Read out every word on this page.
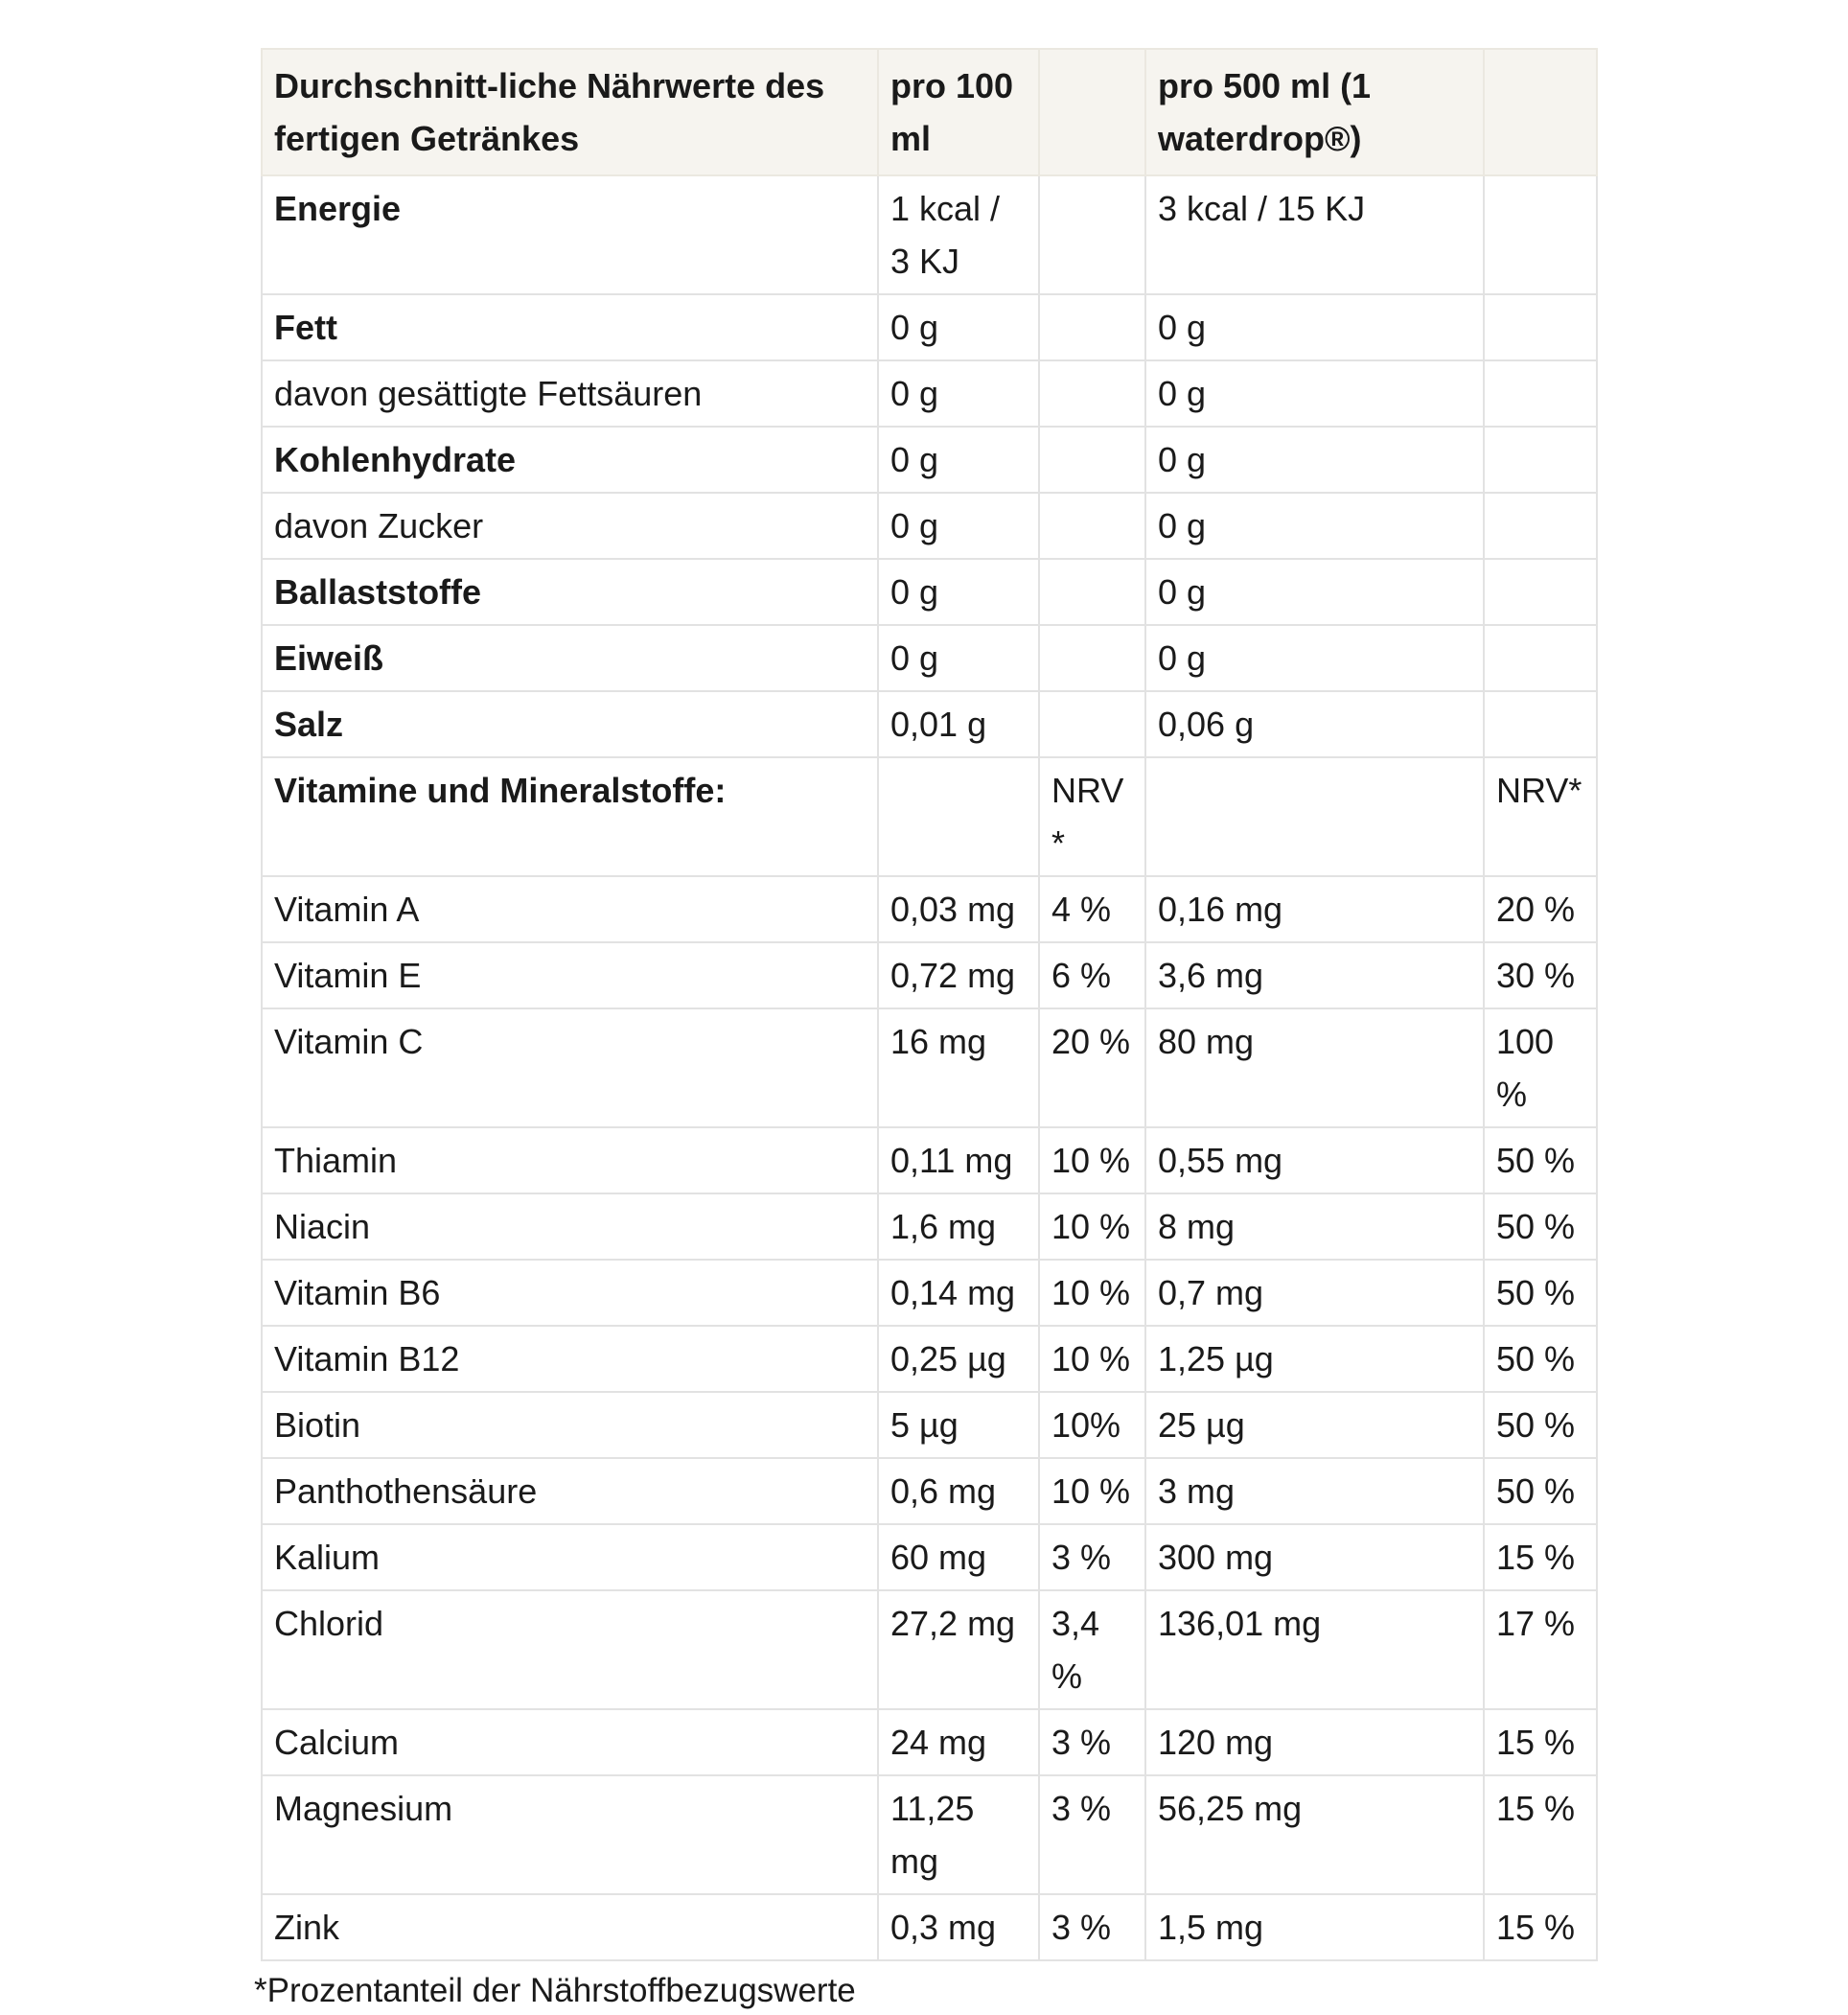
Durchschnitt-liche Nährwerte des fertigen Getränkes	pro 100 ml		pro 500 ml (1 waterdrop®)	
Energie	1 kcal / 3 KJ		3 kcal / 15 KJ	
Fett	0 g		0 g	
davon gesättigte Fettsäuren	0 g		0 g	
Kohlenhydrate	0 g		0 g	
davon Zucker	0 g		0 g	
Ballaststoffe	0 g		0 g	
Eiweiß	0 g		0 g	
Salz	0,01 g		0,06 g	
Vitamine und Mineralstoffe:		NRV*		NRV*
Vitamin A	0,03 mg	4 %	0,16 mg	20 %
Vitamin E	0,72 mg	6 %	3,6 mg	30 %
Vitamin C	16 mg	20 %	80 mg	100 %
Thiamin	0,11 mg	10 %	0,55 mg	50 %
Niacin	1,6 mg	10 %	8 mg	50 %
Vitamin B6	0,14 mg	10 %	0,7 mg	50 %
Vitamin B12	0,25 µg	10 %	1,25 µg	50 %
Biotin	5 µg	10%	25 µg	50 %
Panthothensäure	0,6 mg	10 %	3 mg	50 %
Kalium	60 mg	3 %	300 mg	15 %
Chlorid	27,2 mg	3,4 %	136,01 mg	17 %
Calcium	24 mg	3 %	120 mg	15 %
Magnesium	11,25 mg	3 %	56,25 mg	15 %
Zink	0,3 mg	3 %	1,5 mg	15 %
*Prozentanteil der Nährstoffbezugswerte
